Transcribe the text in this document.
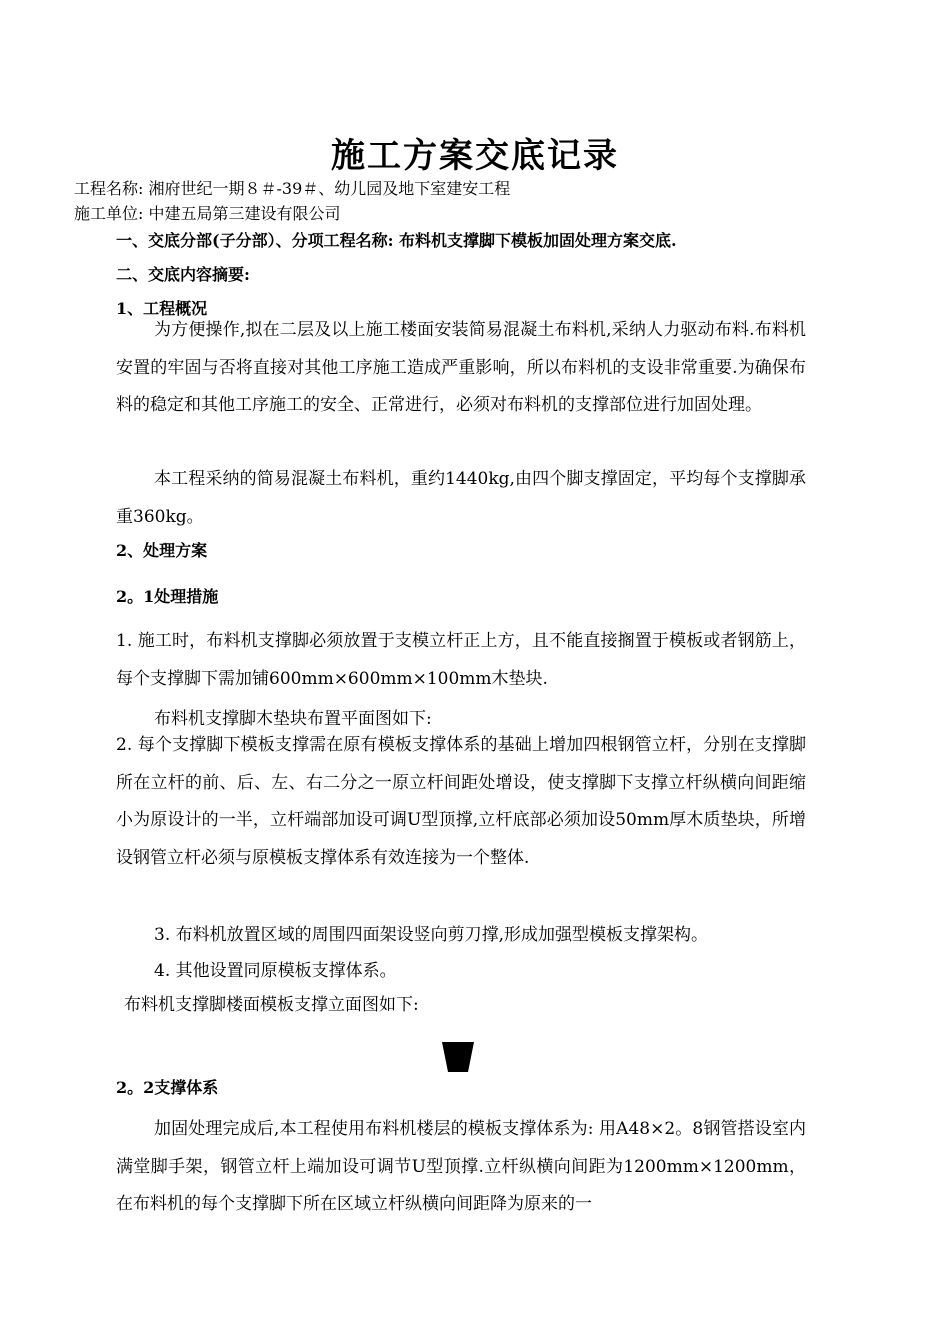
施工方案交底记录
工程名称: 湘府世纪一期８＃-39＃、幼儿园及地下室建安工程
施工单位: 中建五局第三建设有限公司
一、交底分部(子分部）、分项工程名称: 布料机支撑脚下模板加固处理方案交底.
二、交底内容摘要:
1、工程概况
为方便操作,拟在二层及以上施工楼面安装简易混凝土布料机,采纳人力驱动布料.布料机安置的牢固与否将直接对其他工序施工造成严重影响，所以布料机的支设非常重要.为确保布料的稳定和其他工序施工的安全、正常进行，必须对布料机的支撑部位进行加固处理。
本工程采纳的简易混凝土布料机，重约1440kg,由四个脚支撑固定，平均每个支撑脚承重360kg。
2、处理方案
2。1处理措施
1. 施工时，布料机支撑脚必须放置于支模立杆正上方，且不能直接搁置于模板或者钢筋上，每个支撑脚下需加铺600mm×600mm×100mm木垫块.
布料机支撑脚木垫块布置平面图如下:
2. 每个支撑脚下模板支撑需在原有模板支撑体系的基础上增加四根钢管立杆，分别在支撑脚所在立杆的前、后、左、右二分之一原立杆间距处增设，使支撑脚下支撑立杆纵横向间距缩小为原设计的一半，立杆端部加设可调U型顶撑,立杆底部必须加设50mm厚木质垫块，所增设钢管立杆必须与原模板支撑体系有效连接为一个整体.
3. 布料机放置区域的周围四面架设竖向剪刀撑,形成加强型模板支撑架构。
4. 其他设置同原模板支撑体系。
布料机支撑脚楼面模板支撑立面图如下:
2。2支撑体系
加固处理完成后,本工程使用布料机楼层的模板支撑体系为: 用A48×2。8钢管搭设室内满堂脚手架，钢管立杆上端加设可调节U型顶撑.立杆纵横向间距为1200mm×1200mm，在布料机的每个支撑脚下所在区域立杆纵横向间距降为原来的一
